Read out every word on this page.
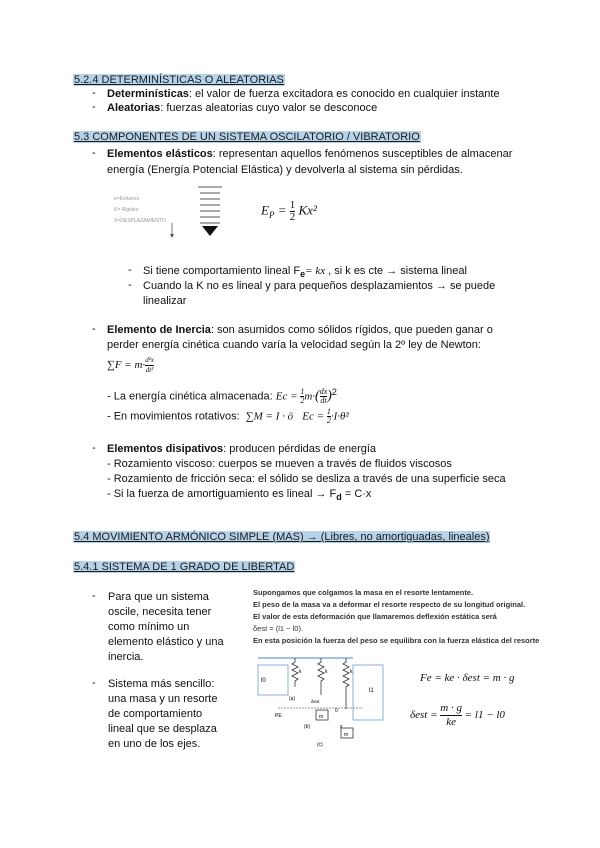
5.2.4 DETERMINÍSTICAS O ALEATORIAS
-	Determinísticas: el valor de fuerza excitadora es conocido en cualquier instante
-	Aleatorias: fuerzas aleatorias cuyo valor se desconoce
5.3 COMPONENTES DE UN SISTEMA OSCILATORIO / VIBRATORIO
-	Elementos elásticos: representan aquellos fenómenos susceptibles de almacenar
energía (Energía Potencial Elástica) y devolverla al sistema sin pérdidas.
e=Esfuerzo
K= Rigidez
X=DESPLAZAMIENTO
$E_P = \frac{1}{2} Kx^2$
-	Si tiene comportamiento lineal $F_e=$ kx , si k es cte → sistema lineal
-	Cuando la K no es lineal y para pequeños desplazamientos → se puede
linealizar
-	Elemento de Inercia: son asumidos como sólidos rígidos, que pueden ganar o
perder energía cinética cuando varía la velocidad según la 2º ley de Newton:
$\sum F = m\cdot \frac{\text{d²x}}{\text{dt²}}$
- La energía cinética almacenada: $Ec = \frac{1}{2} m\cdot( \frac{dx}{dt} )^2$
- En movimientos rotativos: ∑M = I · ö $Ec = \frac{1}{2}$ ·I·θ̇²
-	Elementos disipativos: producen pérdidas de energía
- Rozamiento viscoso: cuerpos se mueven a través de fluidos viscosos
- Rozamiento de fricción seca: el sólido se desliza a través de una superficie seca
- Si la fuerza de amortiguamiento es lineal → $F_d = C\cdot x$
5.4 MOVIMIENTO ARMÓNICO SIMPLE (MAS) → (Libres, no amortiguadas, lineales)
5.4.1 SISTEMA DE 1 GRADO DE LIBERTAD
-	Para que un sistema
oscile, necesita tener
como mínimo un
elemento elástico y una
inercia.
-	Sistema más sencillo:
una masa y un resorte
de comportamiento
lineal que se desplaza
en uno de los ejes.
Supongamos que colgamos la masa en el resorte lentamente.
El peso de la masa va a deformar el resorte respecto de su longitud original.
El valor de esta deformación que llamaremos deflexión estática será
δest = (l1 − l0).
En esta posición la fuerza del peso se equilibra con la fuerza elástica del resorte
l0
l1
k	k	k
(a)
(b)
(c)
m
m
PE
0
x
δest
Fe = ke · δest = m · g
$\delta est = \frac{m \cdot g}{ke} = l1 - l0$
